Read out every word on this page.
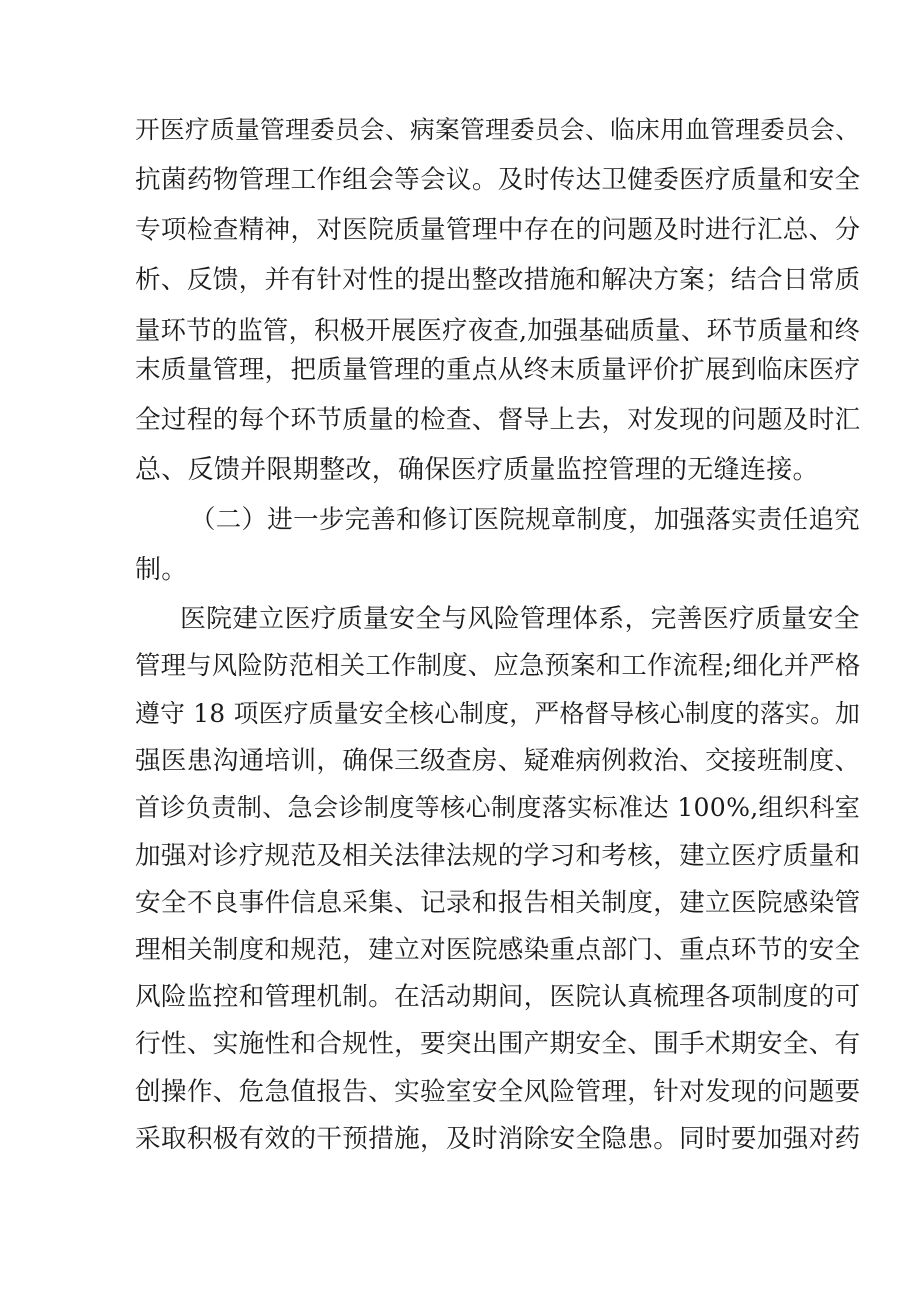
开医疗质量管理委员会、病案管理委员会、临床用血管理委员会、
抗菌药物管理工作组会等会议。及时传达卫健委医疗质量和安全
专项检查精神，对医院质量管理中存在的问题及时进行汇总、分
析、反馈，并有针对性的提出整改措施和解决方案；结合日常质
量环节的监管，积极开展医疗夜查,加强基础质量、环节质量和终
末质量管理，把质量管理的重点从终末质量评价扩展到临床医疗
全过程的每个环节质量的检查、督导上去，对发现的问题及时汇
总、反馈并限期整改，确保医疗质量监控管理的无缝连接。
（二）进一步完善和修订医院规章制度，加强落实责任追究
制。
医院建立医疗质量安全与风险管理体系，完善医疗质量安全
管理与风险防范相关工作制度、应急预案和工作流程;细化并严格
遵守 18 项医疗质量安全核心制度，严格督导核心制度的落实。加
强医患沟通培训，确保三级查房、疑难病例救治、交接班制度、
首诊负责制、急会诊制度等核心制度落实标准达 100%,组织科室
加强对诊疗规范及相关法律法规的学习和考核，建立医疗质量和
安全不良事件信息采集、记录和报告相关制度，建立医院感染管
理相关制度和规范，建立对医院感染重点部门、重点环节的安全
风险监控和管理机制。在活动期间，医院认真梳理各项制度的可
行性、实施性和合规性，要突出围产期安全、围手术期安全、有
创操作、危急值报告、实验室安全风险管理，针对发现的问题要
采取积极有效的干预措施，及时消除安全隐患。同时要加强对药
